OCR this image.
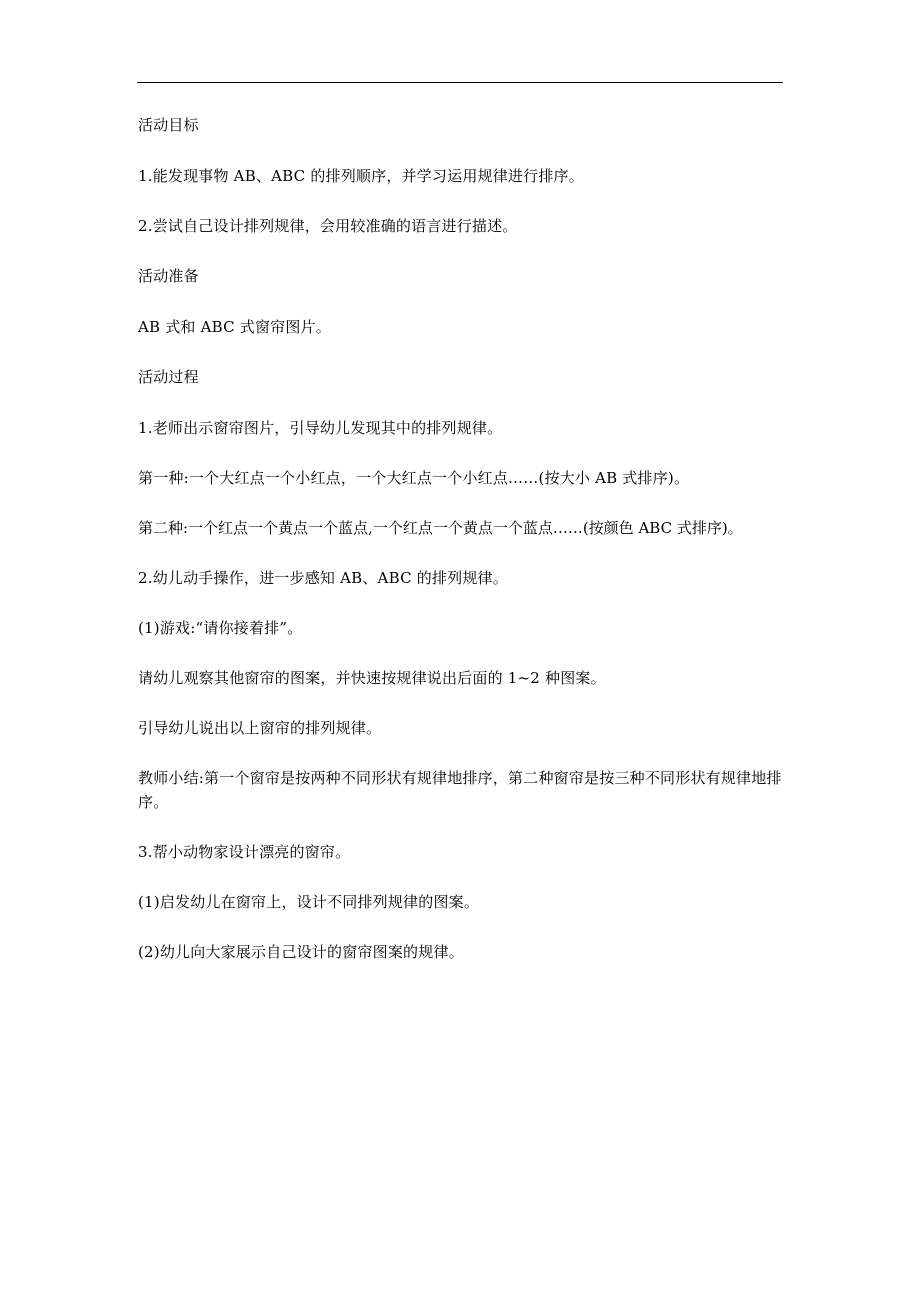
活动目标

1.能发现事物 AB、ABC 的排列顺序，并学习运用规律进行排序。

2.尝试自己设计排列规律，会用较准确的语言进行描述。

活动准备

AB 式和 ABC 式窗帘图片。

活动过程

1.老师出示窗帘图片，引导幼儿发现其中的排列规律。

第一种:一个大红点一个小红点，一个大红点一个小红点……(按大小 AB 式排序)。

第二种:一个红点一个黄点一个蓝点,一个红点一个黄点一个蓝点……(按颜色 ABC 式排序)。

2.幼儿动手操作，进一步感知 AB、ABC 的排列规律。

(1)游戏:“请你接着排”。

请幼儿观察其他窗帘的图案，并快速按规律说出后面的 1~2 种图案。

引导幼儿说出以上窗帘的排列规律。

教师小结:第一个窗帘是按两种不同形状有规律地排序，第二种窗帘是按三种不同形状有规律地排序。

3.帮小动物家设计漂亮的窗帘。

(1)启发幼儿在窗帘上，设计不同排列规律的图案。

(2)幼儿向大家展示自己设计的窗帘图案的规律。
